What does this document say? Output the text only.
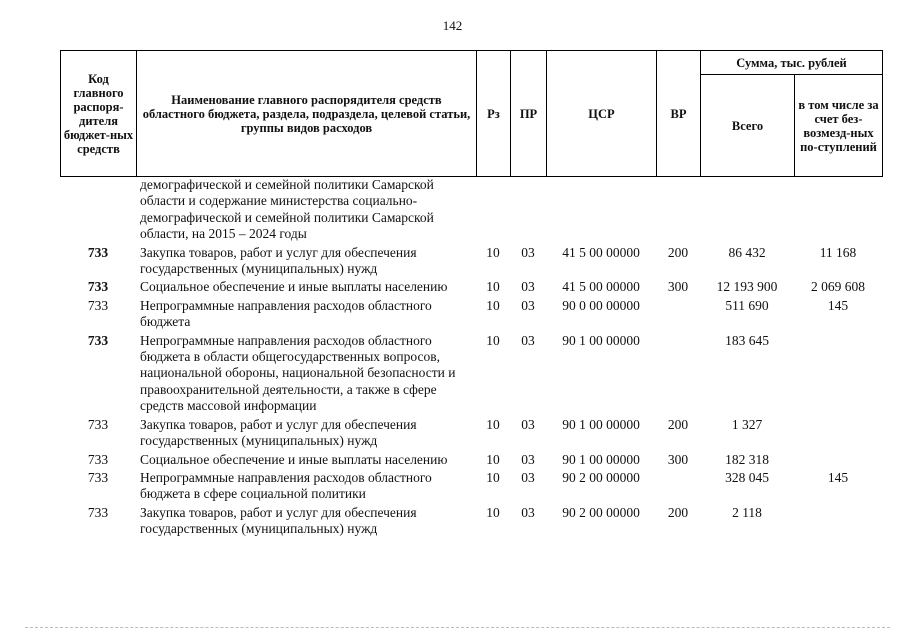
142
Код главного распоря-дителя бюджет-ных средств	Наименование главного распорядителя средств областного бюджета, раздела, подраздела, целевой статьи, группы видов расходов	Рз	ПР	ЦСР	ВР	Сумма, тыс. рублей	
						Всего	в том числе за счет без-возмезд-ных по-ступлений
	демографической и семейной политики Самарской области и содержание министерства социально-демографической и семейной политики Самарской области, на 2015 – 2024 годы						
733	Закупка товаров, работ и услуг для обеспечения государственных (муниципальных) нужд	10	03	41 5 00 00000	200	86 432	11 168
733	Социальное обеспечение и иные выплаты населению	10	03	41 5 00 00000	300	12 193 900	2 069 608
733	Непрограммные направления расходов областного бюджета	10	03	90 0 00 00000		511 690	145
733	Непрограммные направления расходов областного бюджета в области общегосударственных вопросов, национальной обороны, национальной безопасности и правоохранительной деятельности, а также в сфере средств массовой информации	10	03	90 1 00 00000		183 645	
733	Закупка товаров, работ и услуг для обеспечения государственных (муниципальных) нужд	10	03	90 1 00 00000	200	1 327	
733	Социальное обеспечение и иные выплаты населению	10	03	90 1 00 00000	300	182 318	
733	Непрограммные направления расходов областного бюджета в сфере социальной политики	10	03	90 2 00 00000		328 045	145
733	Закупка товаров, работ и услуг для обеспечения государственных (муниципальных) нужд	10	03	90 2 00 00000	200	2 118	
